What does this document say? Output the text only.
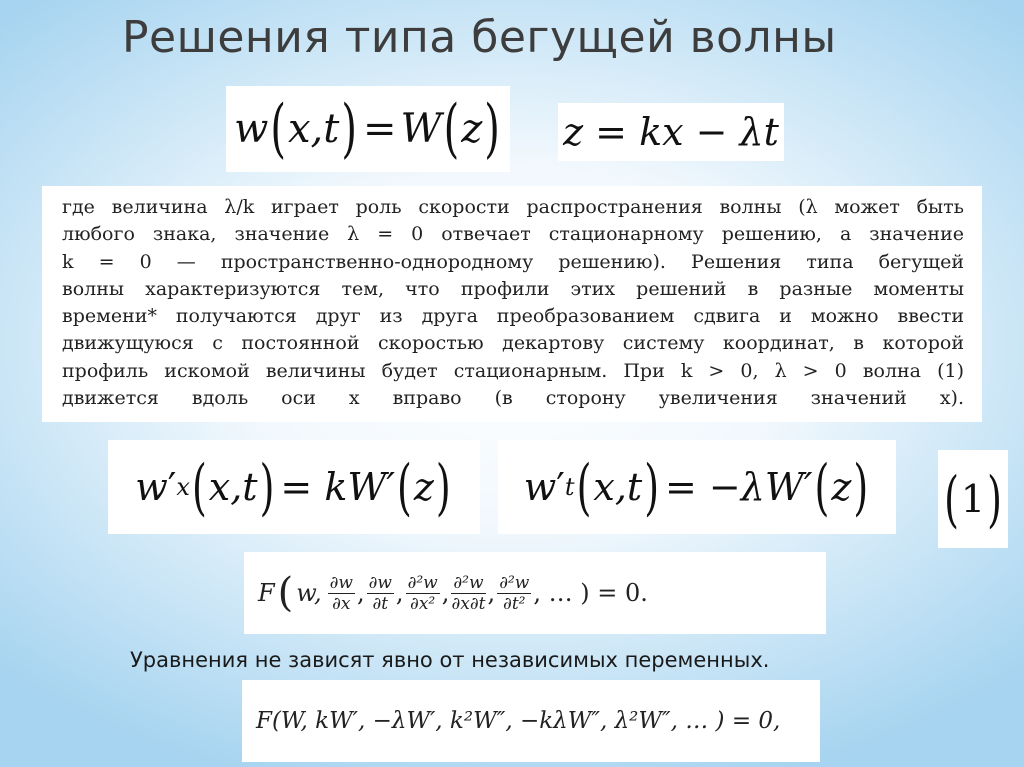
Решения типа бегущей волны
w ( x,t ) = W ( z ) z = kx − λt
где величина λ/k играет роль скорости распространения волны (λ может быть
любого знака, значение λ = 0 отвечает стационарному решению, а значение
k = 0 — пространственно-однородному решению). Решения типа бегущей
волны характеризуются тем, что профили этих решений в разные моменты
времени* получаются друг из друга преобразованием сдвига и можно ввести
движущуюся с постоянной скоростью декартову систему координат, в которой
профиль искомой величины будет стационарным. При k > 0, λ > 0 волна (1)
движется вдоль оси x вправо (в сторону увеличения значений x).
w ′ x ( x,t ) = kW′ ( z ) w ′ t ( x,t ) = −λW′ ( z ) ( 1 )
F ( w, $\frac{\partial w}{\partial x}$ , $\frac{\partial w}{\partial t}$ , $\frac{\text{∂²w}}{\text{∂x²}}$ , $\frac{\text{∂²w}}{\partial x\partial t}$ , $\frac{\text{∂²w}}{\text{∂t²}}$ , … ) = 0.
Уравнения не зависят явно от независимых переменных.
F(W, kW′, −λW′, k²W″, −kλW″, λ²W″, … ) = 0,
